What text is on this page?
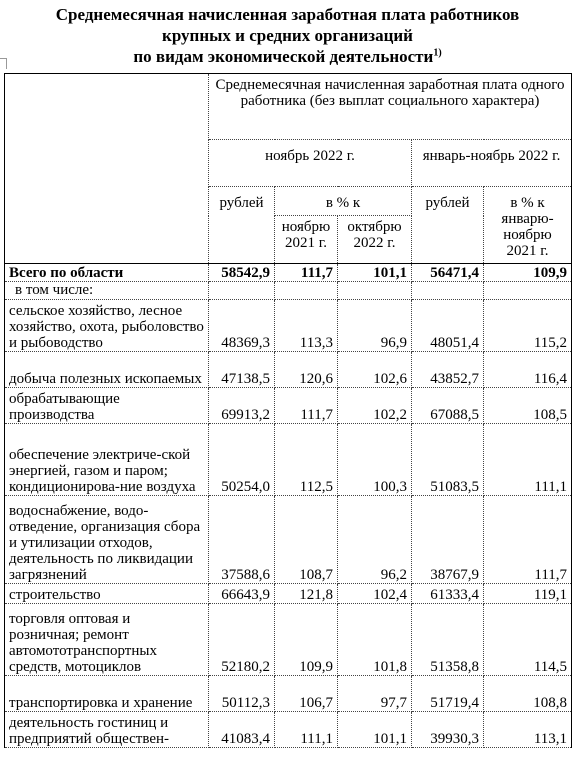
Среднемесячная начисленная заработная плата работников
крупных и средних организаций
по видам экономической деятельности$^{1)}$
	Среднемесячная начисленная заработная плата одного работника (без выплат социального характера)				
	ноябрь 2022 г.			январь-ноябрь 2022 г.	
	рублей	в % к		рублей	в % к январю-ноябрю 2021 г.
		ноябрю 2021 г.	октябрю 2022 г.		
Всего по области	58542,9	111,7	101,1	56471,4	109,9
в том числе:					
сельское хозяйство, лесное хозяйство, охота, рыболовство и рыбоводство	48369,3	113,3	96,9	48051,4	115,2
добыча полезных ископаемых	47138,5	120,6	102,6	43852,7	116,4
обрабатывающие производства	69913,2	111,7	102,2	67088,5	108,5
обеспечение электриче-ской энергией, газом и паром; кондиционирова-ние воздуха	50254,0	112,5	100,3	51083,5	111,1
водоснабжение, водо-отведение, организация сбора и утилизации отходов, деятельность по ликвидации загрязнений	37588,6	108,7	96,2	38767,9	111,7
строительство	66643,9	121,8	102,4	61333,4	119,1
торговля оптовая и розничная; ремонт автомототранспортных средств, мотоциклов	52180,2	109,9	101,8	51358,8	114,5
транспортировка и хранение	50112,3	106,7	97,7	51719,4	108,8
деятельность гостиниц и предприятий обществен-	41083,4	111,1	101,1	39930,3	113,1
